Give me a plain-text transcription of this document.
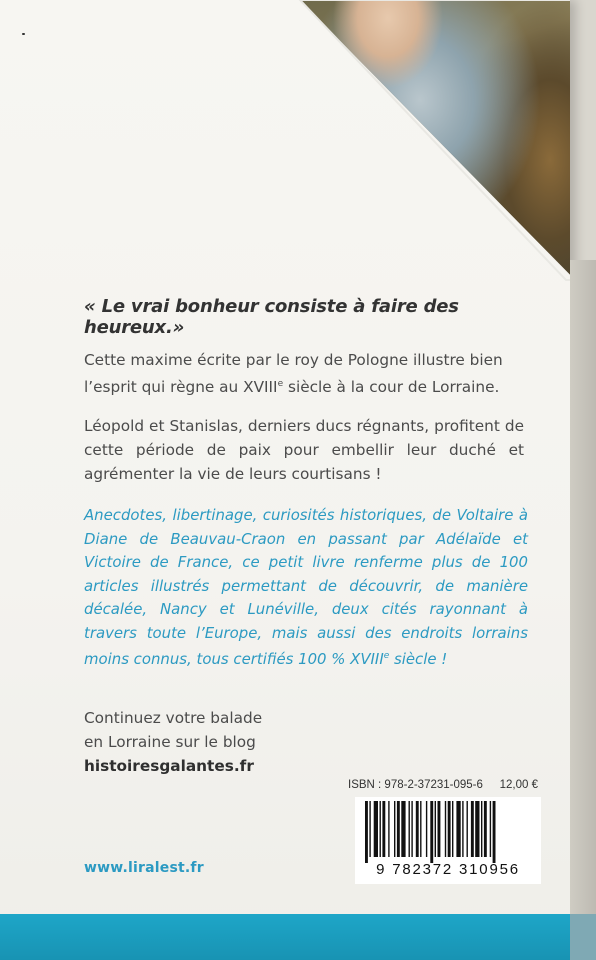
« Le vrai bonheur consiste à faire des heureux.»
Cette maxime écrite par le roy de Pologne illustre bien
l’esprit qui règne au XVIIIe siècle à la cour de Lorraine.
Léopold et Stanislas, derniers ducs régnants, profitent de cette période de paix pour embellir leur duché et agrémenter la vie de leurs courtisans !
Anecdotes, libertinage, curiosités historiques, de Voltaire à Diane de Beauvau-Craon en passant par Adélaïde et Victoire de France, ce petit livre renferme plus de 100 articles illustrés permettant de découvrir, de manière décalée, Nancy et Lunéville, deux cités rayonnant à travers toute l’Europe, mais aussi des endroits lorrains moins connus, tous certifiés 100 % XVIIIe siècle !
Continuez votre balade
en Lorraine sur le blog
histoiresgalantes.fr
ISBN : 978-2-37231-095-6 12,00 €
9 782372 310956
www.liralest.fr
